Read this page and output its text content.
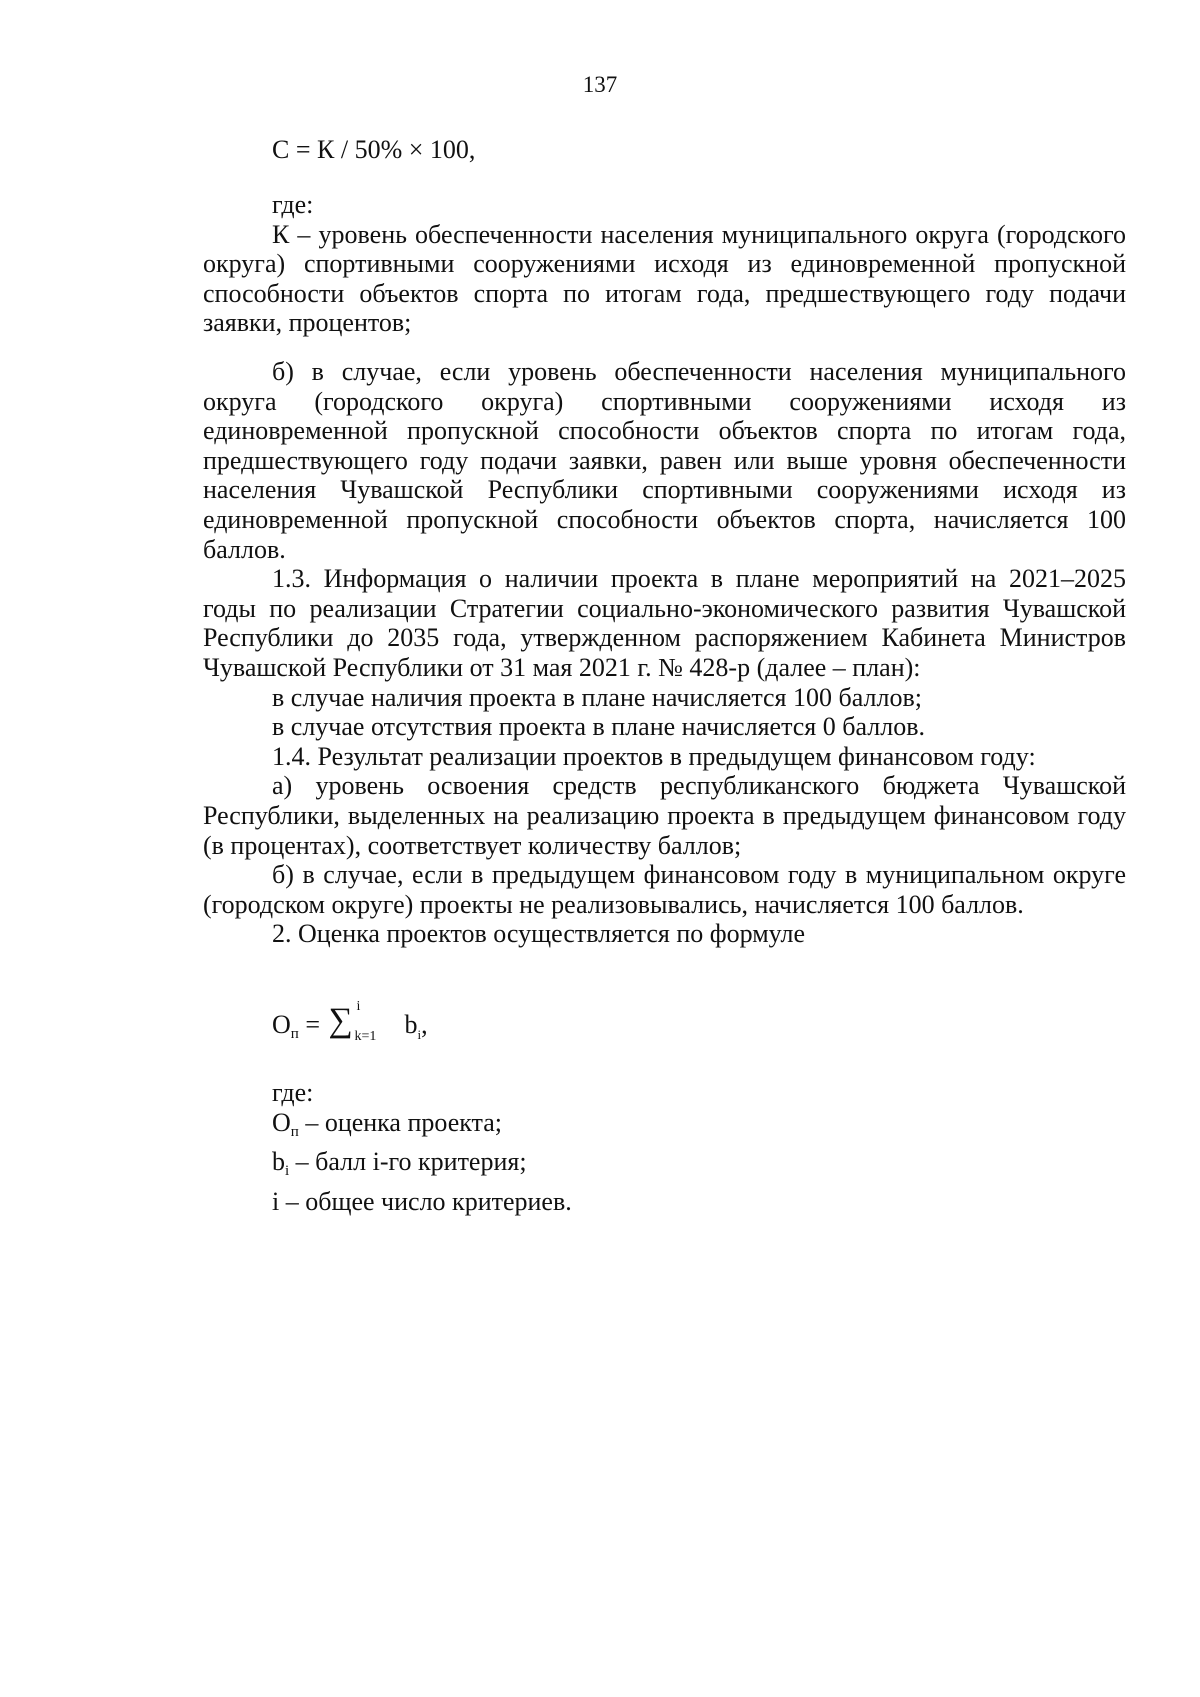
137
С = К / 50% × 100,

где:

К – уровень обеспеченности населения муниципального округа (городского округа) спортивными сооружениями исходя из единовременной пропускной способности объектов спорта по итогам года, предшествующего году подачи заявки, процентов;

б) в случае, если уровень обеспеченности населения муниципального округа (городского округа) спортивными сооружениями исходя из единовременной пропускной способности объектов спорта по итогам года, предшествующего году подачи заявки, равен или выше уровня обеспеченности населения Чувашской Республики спортивными сооружениями исходя из единовременной пропускной способности объектов спорта, начисляется 100 баллов.

1.3. Информация о наличии проекта в плане мероприятий на 2021–2025 годы по реализации Стратегии социально-экономического развития Чувашской Республики до 2035 года, утвержденном распоряжением Кабинета Министров Чувашской Республики от 31 мая 2021 г. № 428-р (далее – план):

в случае наличия проекта в плане начисляется 100 баллов;

в случае отсутствия проекта в плане начисляется 0 баллов.

1.4. Результат реализации проектов в предыдущем финансовом году:

а) уровень освоения средств республиканского бюджета Чувашской Республики, выделенных на реализацию проекта в предыдущем финансовом году (в процентах), соответствует количеству баллов;

б) в случае, если в предыдущем финансовом году в муниципальном округе (городском округе) проекты не реализовывались, начисляется 100 баллов.

2. Оценка проектов осуществляется по формуле

Оп = ∑ i
k=1 $b_i$,

где:

Оп – оценка проекта;

bi – балл i-го критерия;

i – общее число критериев.
